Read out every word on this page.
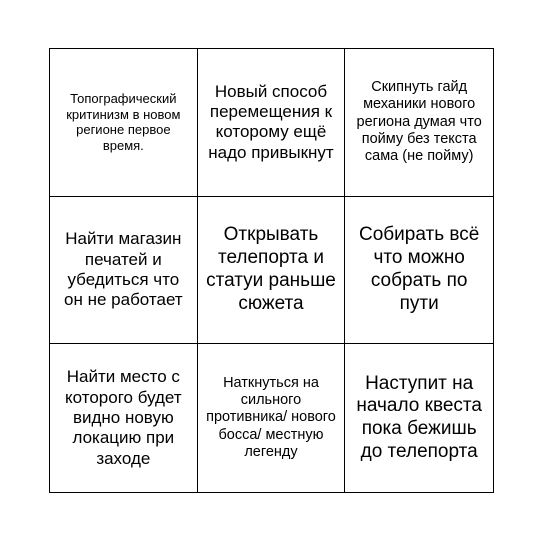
Топографический критинизм в новом регионе первое время.
Новый способ перемещения к которому ещё надо привыкнут
Скипнуть гайд механики нового региона думая что пойму без текста сама (не пойму)
Найти магазин печатей и убедиться что он не работает
Открывать телепорта и статуи раньше сюжета
Собирать всё что можно собрать по пути
Найти место с которого будет видно новую локацию при заходе
Наткнуться на сильного противника/ нового босса/ местную легенду
Наступит на начало квеста пока бежишь до телепорта
